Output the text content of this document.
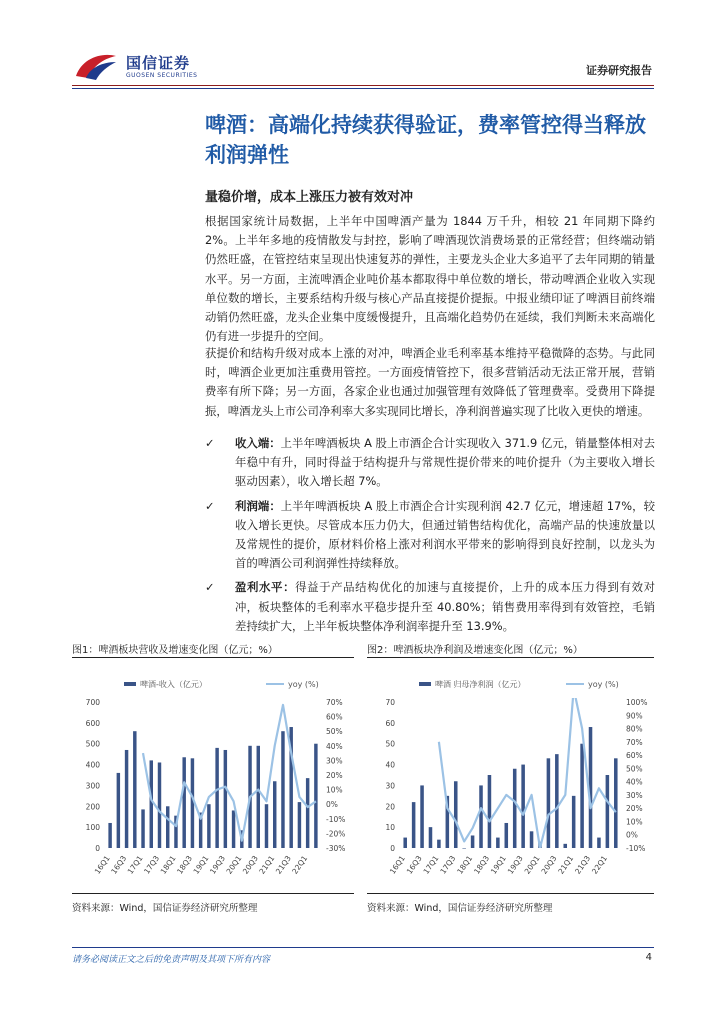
国信证券
GUOSEN SECURITIES	证券研究报告
啤酒：高端化持续获得验证，费率管控得当释放利润弹性
量稳价增，成本上涨压力被有效对冲
根据国家统计局数据，上半年中国啤酒产量为 1844 万千升，相较 21 年同期下降约 2%。上半年多地的疫情散发与封控，影响了啤酒现饮消费场景的正常经营；但终端动销仍然旺盛，在管控结束呈现出快速复苏的弹性，主要龙头企业大多追平了去年同期的销量水平。另一方面，主流啤酒企业吨价基本都取得中单位数的增长，带动啤酒企业收入实现单位数的增长，主要系结构升级与核心产品直接提价提振。中报业绩印证了啤酒目前终端动销仍然旺盛，龙头企业集中度缓慢提升，且高端化趋势仍在延续，我们判断未来高端化仍有进一步提升的空间。
获提价和结构升级对成本上涨的对冲，啤酒企业毛利率基本维持平稳微降的态势。与此同时，啤酒企业更加注重费用管控。一方面疫情管控下，很多营销活动无法正常开展，营销费率有所下降；另一方面，各家企业也通过加强管理有效降低了管理费率。受费用下降提振，啤酒龙头上市公司净利率大多实现同比增长，净利润普遍实现了比收入更快的增速。
✓ 收入端：上半年啤酒板块 A 股上市酒企合计实现收入 371.9 亿元，销量整体相对去年稳中有升，同时得益于结构提升与常规性提价带来的吨价提升（为主要收入增长驱动因素），收入增长超 7%。
✓ 利润端：上半年啤酒板块 A 股上市酒企合计实现利润 42.7 亿元，增速超 17%，较收入增长更快。尽管成本压力仍大，但通过销售结构优化，高端产品的快速放量以及常规性的提价，原材料价格上涨对利润水平带来的影响得到良好控制，以龙头为首的啤酒公司利润弹性持续释放。
✓ 盈利水平：得益于产品结构优化的加速与直接提价，上升的成本压力得到有效对冲，板块整体的毛利率水平稳步提升至 40.80%；销售费用率得到有效管控，毛销差持续扩大，上半年板块整体净利润率提升至 13.9%。
图1：啤酒板块营收及增速变化图（亿元；%）
啤酒-收入（亿元）	yoy (%)
0
100
200
300
400
500
600
700
-30%
-20%
-10%
0%
10%
20%
30%
40%
50%
60%
70%
16Q1
16Q3
17Q1
17Q3
18Q1
18Q3
19Q1
19Q3
20Q1
20Q3
21Q1
21Q3
22Q1
资料来源：Wind，国信证券经济研究所整理
图2：啤酒板块净利润及增速变化图（亿元；%）
啤酒 归母净利润（亿元）	yoy (%)
0
10
20
30
40
50
60
70
-10%
0%
10%
20%
30%
40%
50%
60%
70%
80%
90%
100%
16Q1
16Q3
17Q1
17Q3
18Q1
18Q3
19Q1
19Q3
20Q1
20Q3
21Q1
21Q3
22Q1
资料来源：Wind，国信证券经济研究所整理
请务必阅读正文之后的免责声明及其项下所有内容	4
